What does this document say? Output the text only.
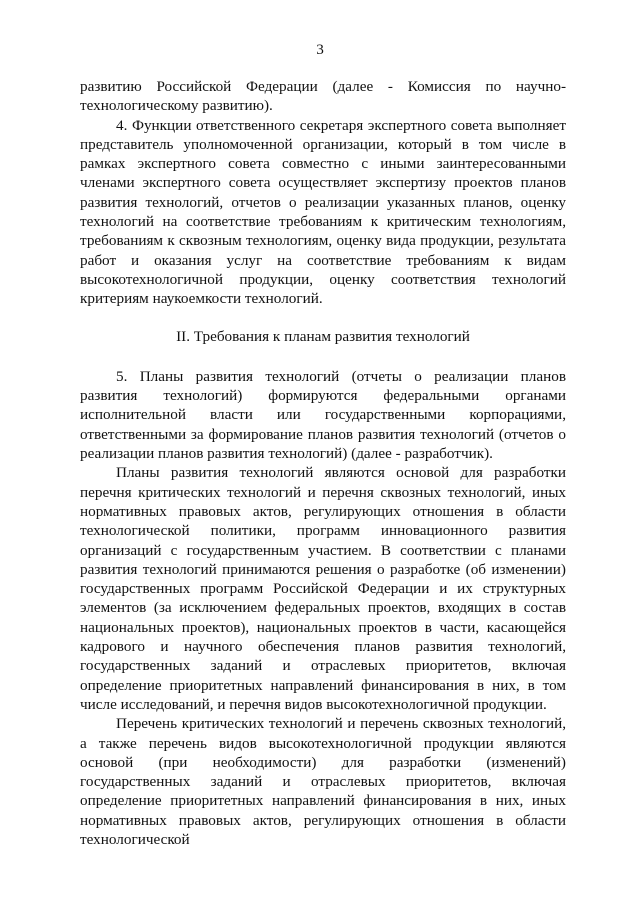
3

развитию Российской Федерации (далее - Комиссия по научно-технологическому развитию).

4. Функции ответственного секретаря экспертного совета выполняет представитель уполномоченной организации, который в том числе в рамках экспертного совета совместно с иными заинтересованными членами экспертного совета осуществляет экспертизу проектов планов развития технологий, отчетов о реализации указанных планов, оценку технологий на соответствие требованиям к критическим технологиям, требованиям к сквозным технологиям, оценку вида продукции, результата работ и оказания услуг на соответствие требованиям к видам высокотехнологичной продукции, оценку соответствия технологий критериям наукоемкости технологий.

II. Требования к планам развития технологий

5. Планы развития технологий (отчеты о реализации планов развития технологий) формируются федеральными органами исполнительной власти или государственными корпорациями, ответственными за формирование планов развития технологий (отчетов о реализации планов развития технологий) (далее - разработчик).

Планы развития технологий являются основой для разработки перечня критических технологий и перечня сквозных технологий, иных нормативных правовых актов, регулирующих отношения в области технологической политики, программ инновационного развития организаций с государственным участием. В соответствии с планами развития технологий принимаются решения о разработке (об изменении) государственных программ Российской Федерации и их структурных элементов (за исключением федеральных проектов, входящих в состав национальных проектов), национальных проектов в части, касающейся кадрового и научного обеспечения планов развития технологий, государственных заданий и отраслевых приоритетов, включая определение приоритетных направлений финансирования в них, в том числе исследований, и перечня видов высокотехнологичной продукции.

Перечень критических технологий и перечень сквозных технологий, а также перечень видов высокотехнологичной продукции являются основой (при необходимости) для разработки (изменений) государственных заданий и отраслевых приоритетов, включая определение приоритетных направлений финансирования в них, иных нормативных правовых актов, регулирующих отношения в области технологической
